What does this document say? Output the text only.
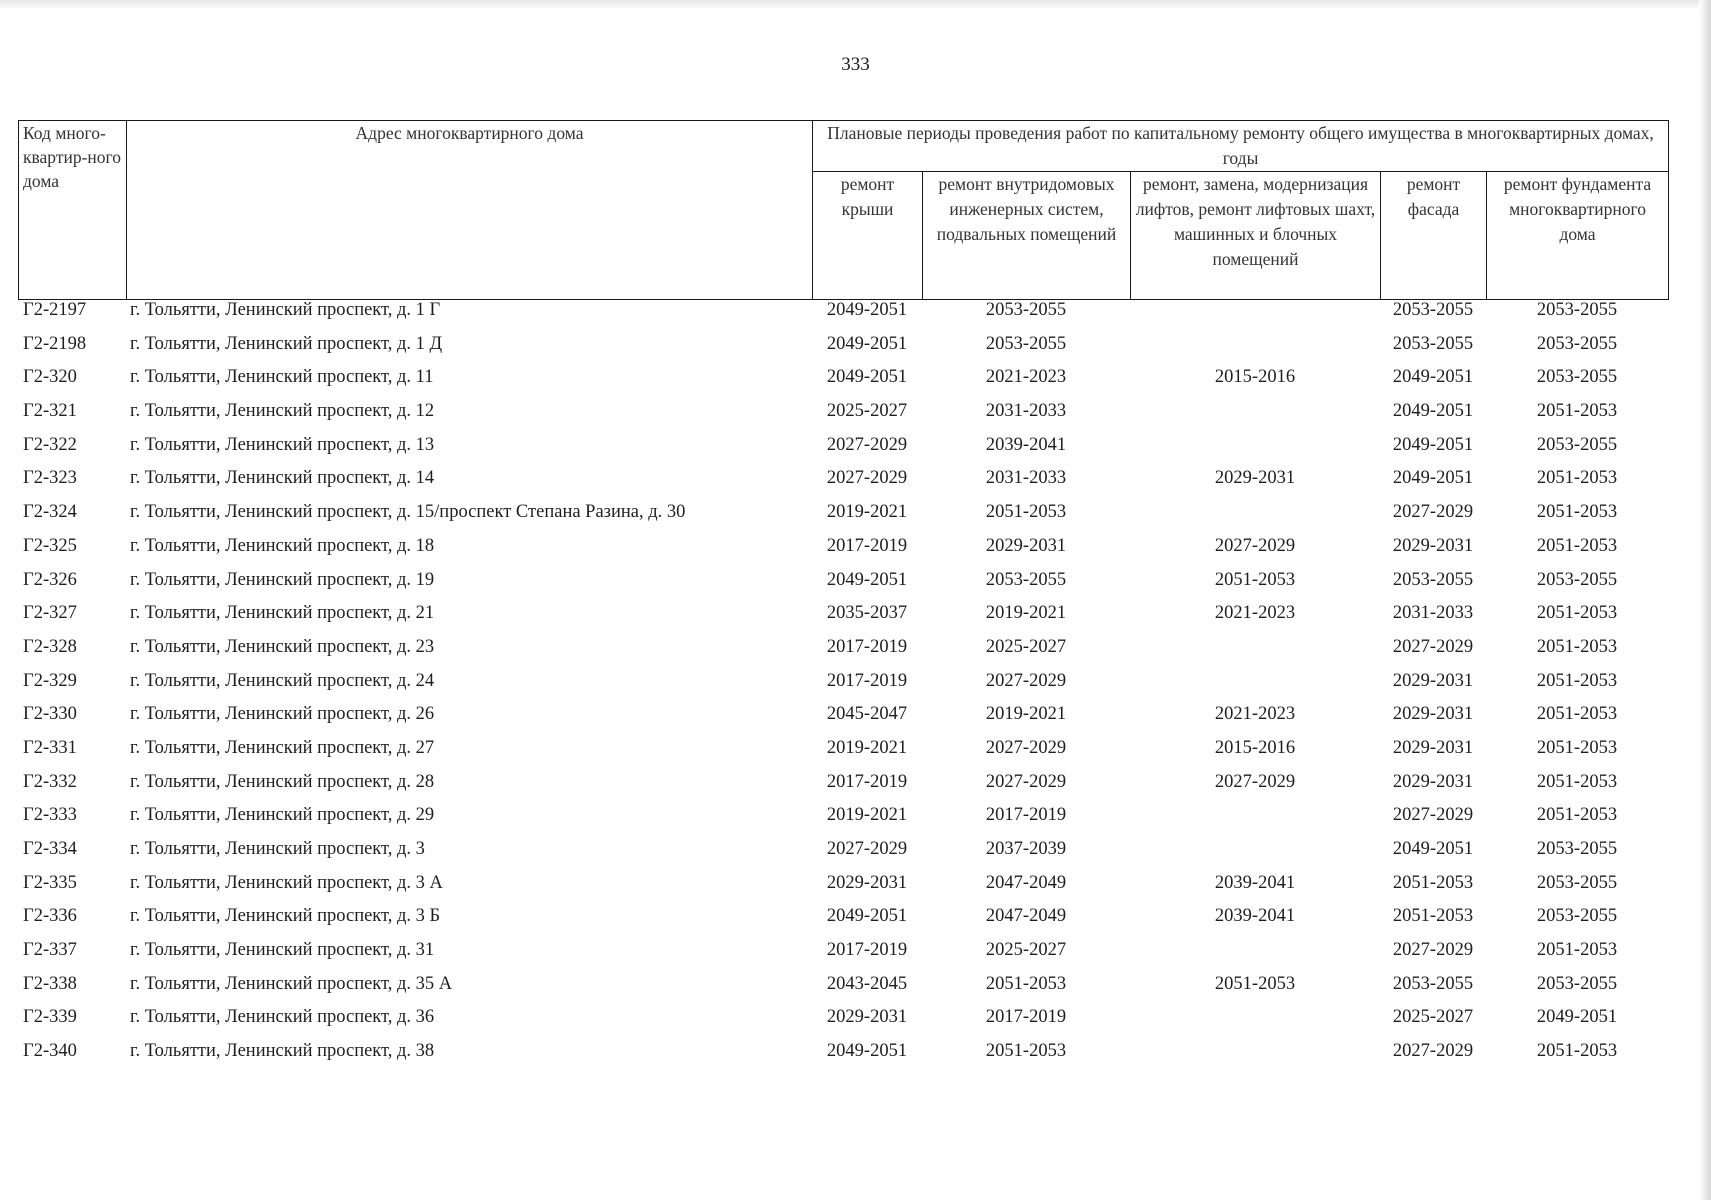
333
Код много-квартир-ного дома	Адрес многоквартирного дома	Плановые периоды проведения работ по капитальному ремонту общего имущества в многоквартирных домах, годы				
		ремонт крыши	ремонт внутридомовых инженерных систем, подвальных помещений	ремонт, замена, модернизация лифтов, ремонт лифтовых шахт, машинных и блочных помещений	ремонт фасада	ремонт фундамента многоквартирного дома
Г2-2197	г. Тольятти, Ленинский проспект, д. 1 Г	2049-2051	2053-2055		2053-2055	2053-2055
Г2-2198	г. Тольятти, Ленинский проспект, д. 1 Д	2049-2051	2053-2055		2053-2055	2053-2055
Г2-320	г. Тольятти, Ленинский проспект, д. 11	2049-2051	2021-2023	2015-2016	2049-2051	2053-2055
Г2-321	г. Тольятти, Ленинский проспект, д. 12	2025-2027	2031-2033		2049-2051	2051-2053
Г2-322	г. Тольятти, Ленинский проспект, д. 13	2027-2029	2039-2041		2049-2051	2053-2055
Г2-323	г. Тольятти, Ленинский проспект, д. 14	2027-2029	2031-2033	2029-2031	2049-2051	2051-2053
Г2-324	г. Тольятти, Ленинский проспект, д. 15/проспект Степана Разина, д. 30	2019-2021	2051-2053		2027-2029	2051-2053
Г2-325	г. Тольятти, Ленинский проспект, д. 18	2017-2019	2029-2031	2027-2029	2029-2031	2051-2053
Г2-326	г. Тольятти, Ленинский проспект, д. 19	2049-2051	2053-2055	2051-2053	2053-2055	2053-2055
Г2-327	г. Тольятти, Ленинский проспект, д. 21	2035-2037	2019-2021	2021-2023	2031-2033	2051-2053
Г2-328	г. Тольятти, Ленинский проспект, д. 23	2017-2019	2025-2027		2027-2029	2051-2053
Г2-329	г. Тольятти, Ленинский проспект, д. 24	2017-2019	2027-2029		2029-2031	2051-2053
Г2-330	г. Тольятти, Ленинский проспект, д. 26	2045-2047	2019-2021	2021-2023	2029-2031	2051-2053
Г2-331	г. Тольятти, Ленинский проспект, д. 27	2019-2021	2027-2029	2015-2016	2029-2031	2051-2053
Г2-332	г. Тольятти, Ленинский проспект, д. 28	2017-2019	2027-2029	2027-2029	2029-2031	2051-2053
Г2-333	г. Тольятти, Ленинский проспект, д. 29	2019-2021	2017-2019		2027-2029	2051-2053
Г2-334	г. Тольятти, Ленинский проспект, д. 3	2027-2029	2037-2039		2049-2051	2053-2055
Г2-335	г. Тольятти, Ленинский проспект, д. 3 А	2029-2031	2047-2049	2039-2041	2051-2053	2053-2055
Г2-336	г. Тольятти, Ленинский проспект, д. 3 Б	2049-2051	2047-2049	2039-2041	2051-2053	2053-2055
Г2-337	г. Тольятти, Ленинский проспект, д. 31	2017-2019	2025-2027		2027-2029	2051-2053
Г2-338	г. Тольятти, Ленинский проспект, д. 35 А	2043-2045	2051-2053	2051-2053	2053-2055	2053-2055
Г2-339	г. Тольятти, Ленинский проспект, д. 36	2029-2031	2017-2019		2025-2027	2049-2051
Г2-340	г. Тольятти, Ленинский проспект, д. 38	2049-2051	2051-2053		2027-2029	2051-2053
